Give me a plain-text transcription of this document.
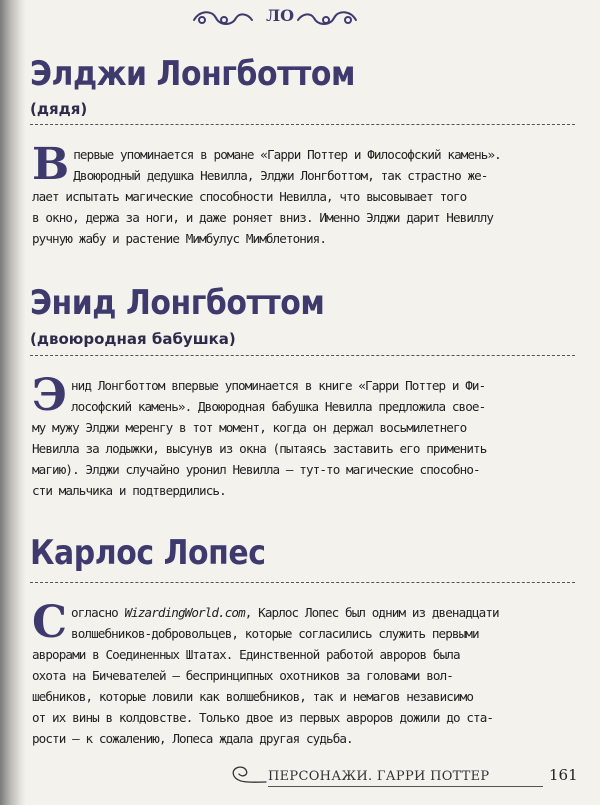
ЛО
Элджи Лонгботтом
(дядя)
В первые упоминается в романе «Гарри Поттер и Философский камень».
Двоюродный дедушка Невилла, Элджи Лонгботтом, так страстно же-
лает испытать магические способности Невилла, что высовывает того
в окно, держа за ноги, и даже роняет вниз. Именно Элджи дарит Невиллу
ручную жабу и растение Мимбулус Мимблетония.
Энид Лонгботтом
(двоюродная бабушка)
Э нид Лонгботтом впервые упоминается в книге «Гарри Поттер и Фи-
лософский камень». Двоюродная бабушка Невилла предложила свое-
му мужу Элджи меренгу в тот момент, когда он держал восьмилетнего
Невилла за лодыжки, высунув из окна (пытаясь заставить его применить
магию). Элджи случайно уронил Невилла — тут-то магические способно-
сти мальчика и подтвердились.
Карлос Лопес
С огласно WizardingWorld.com, Карлос Лопес был одним из двенадцати
волшебников-добровольцев, которые согласились служить первыми
аврорами в Соединенных Штатах. Единственной работой авроров была
охота на Бичевателей — беспринципных охотников за головами вол-
шебников, которые ловили как волшебников, так и немагов независимо
от их вины в колдовстве. Только двое из первых авроров дожили до ста-
рости — к сожалению, Лопеса ждала другая судьба.
ПЕРСОНАЖИ. ГАРРИ ПОТТЕР	161
